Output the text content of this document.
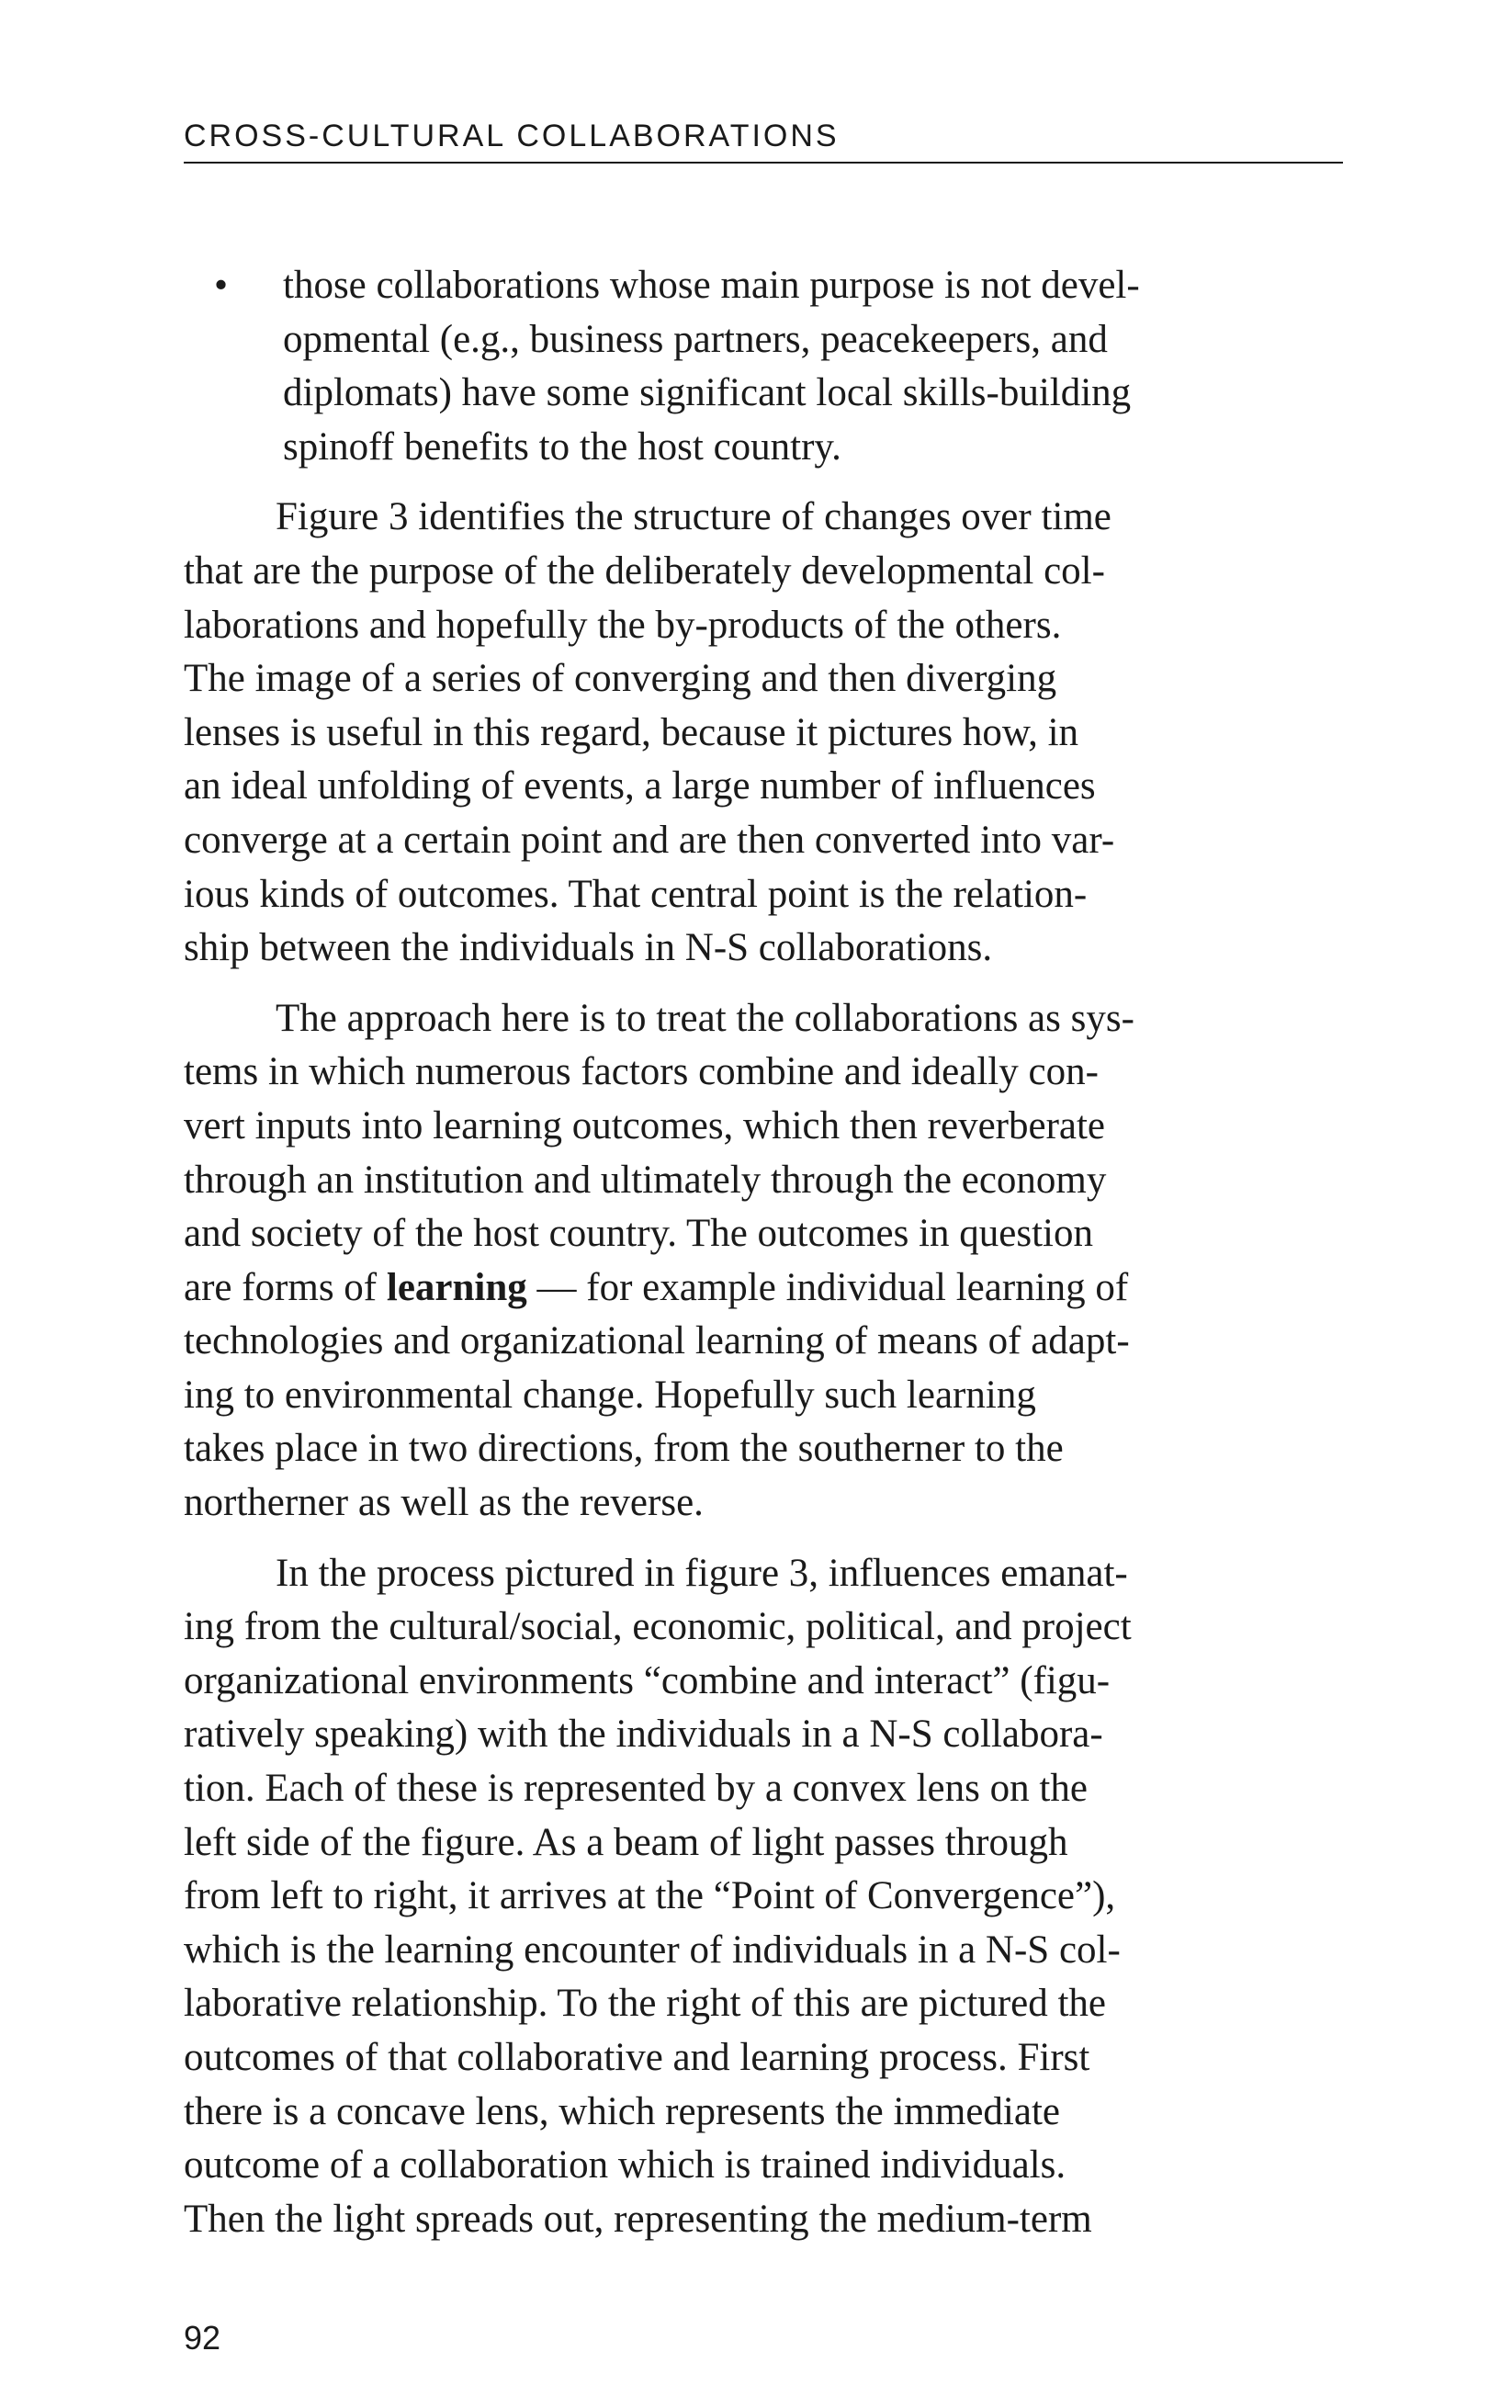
CROSS-CULTURAL COLLABORATIONS
• those collaborations whose main purpose is not devel-
opmental (e.g., business partners, peacekeepers, and
diplomats) have some significant local skills-building
spinoff benefits to the host country.
Figure 3 identifies the structure of changes over time
that are the purpose of the deliberately developmental col-
laborations and hopefully the by-products of the others.
The image of a series of converging and then diverging
lenses is useful in this regard, because it pictures how, in
an ideal unfolding of events, a large number of influences
converge at a certain point and are then converted into var-
ious kinds of outcomes. That central point is the relation-
ship between the individuals in N-S collaborations.
The approach here is to treat the collaborations as sys-
tems in which numerous factors combine and ideally con-
vert inputs into learning outcomes, which then reverberate
through an institution and ultimately through the economy
and society of the host country. The outcomes in question
are forms of learning — for example individual learning of
technologies and organizational learning of means of adapt-
ing to environmental change. Hopefully such learning
takes place in two directions, from the southerner to the
northerner as well as the reverse.
In the process pictured in figure 3, influences emanat-
ing from the cultural/social, economic, political, and project
organizational environments “combine and interact” (figu-
ratively speaking) with the individuals in a N-S collabora-
tion. Each of these is represented by a convex lens on the
left side of the figure. As a beam of light passes through
from left to right, it arrives at the “Point of Convergence”),
which is the learning encounter of individuals in a N-S col-
laborative relationship. To the right of this are pictured the
outcomes of that collaborative and learning process. First
there is a concave lens, which represents the immediate
outcome of a collaboration which is trained individuals.
Then the light spreads out, representing the medium-term
92
